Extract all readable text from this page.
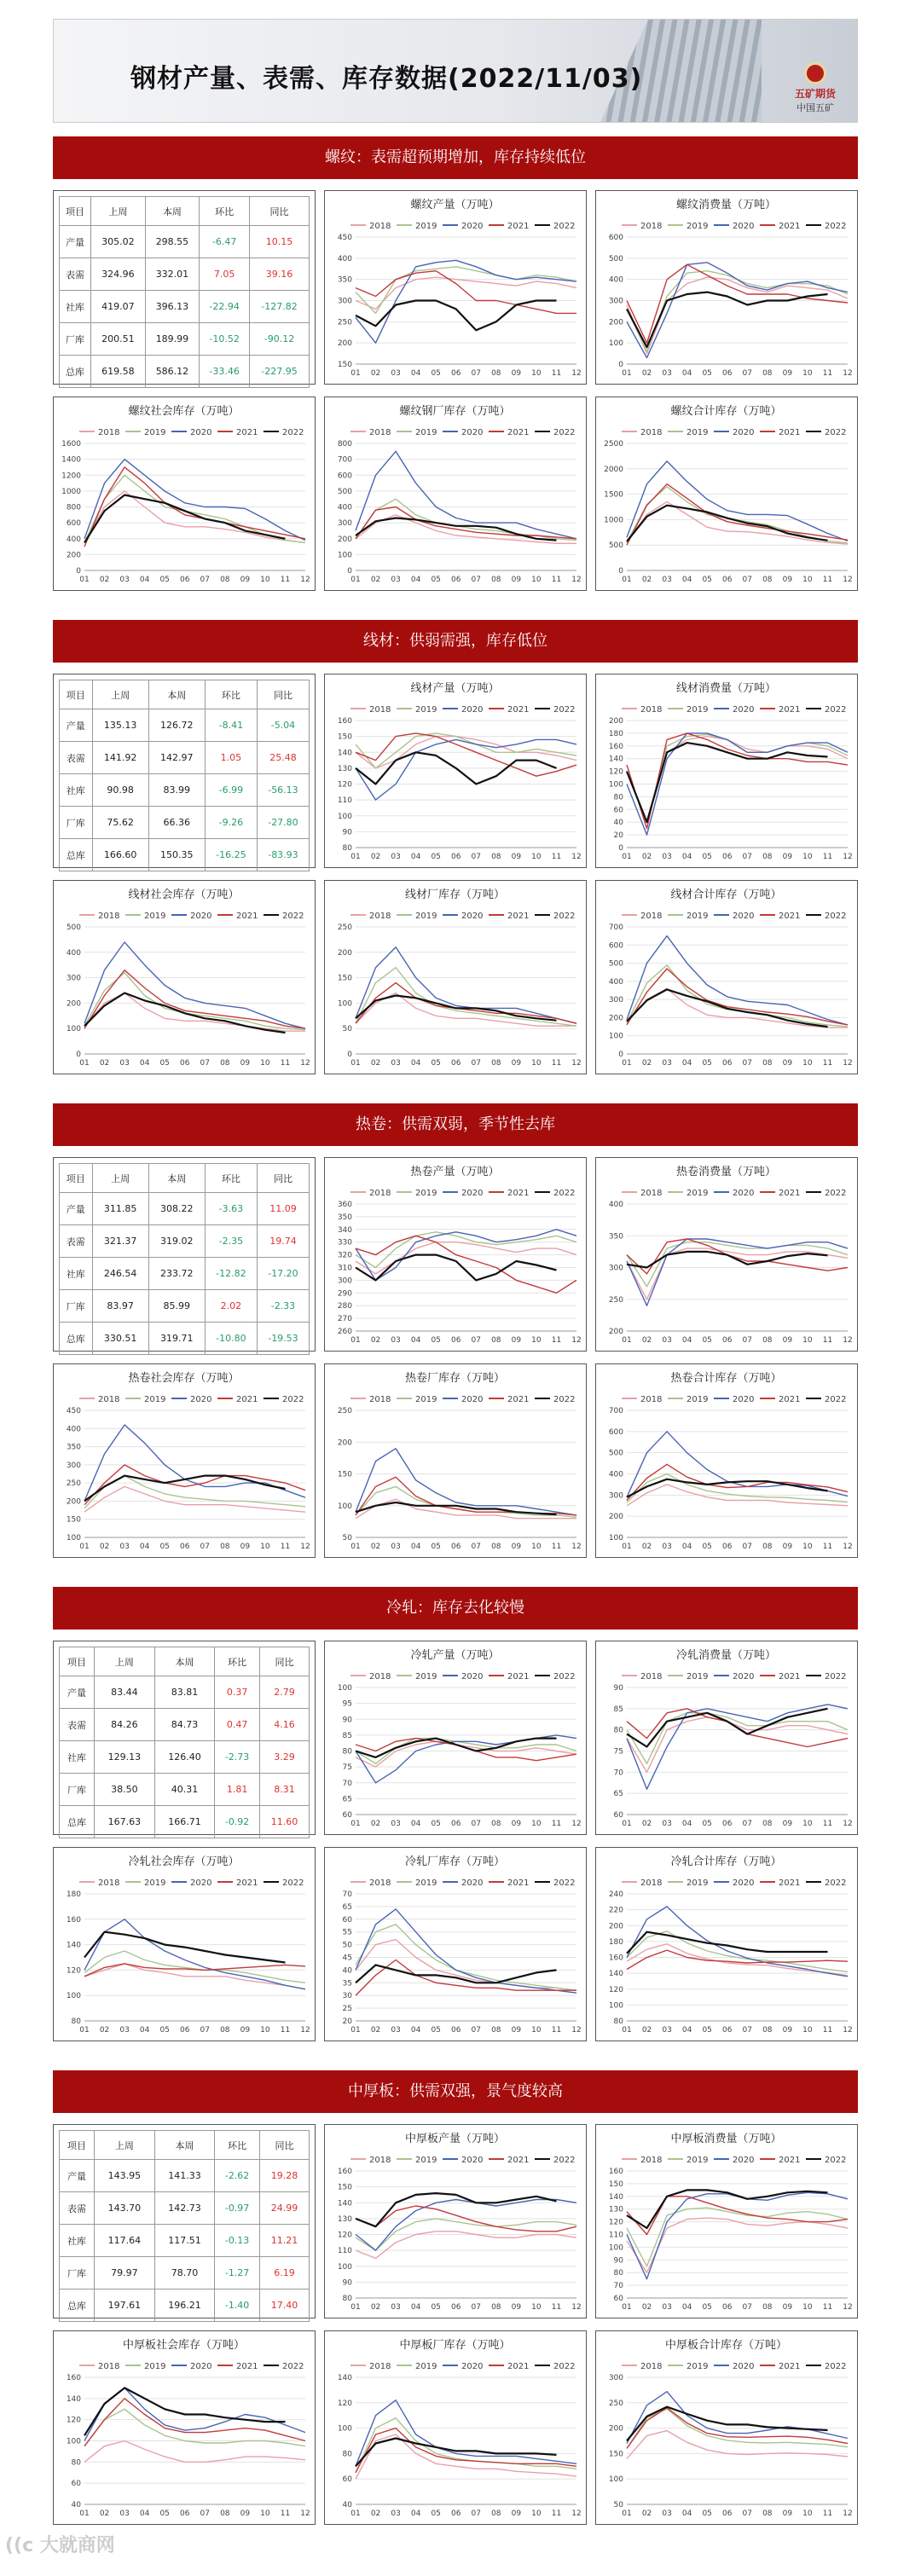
钢材产量、表需、库存数据(2022/11/03)	五矿期货
中国五矿
螺纹：表需超预期增加，库存持续低位
项目	上周	本周	环比	同比
产量	305.02	298.55	-6.47	10.15
表需	324.96	332.01	7.05	39.16
社库	419.07	396.13	-22.94	-127.82
厂库	200.51	189.99	-10.52	-90.12
总库	619.58	586.12	-33.46	-227.95
螺纹产量（万吨）
2018	2019	2020	2021	2022
150
200
250
300
350
400
450
01 02 03 04 05 06 07 08 09 10 11 12
螺纹消费量（万吨）
2018	2019	2020	2021	2022
0
100
200
300
400
500
600
01 02 03 04 05 06 07 08 09 10 11 12
螺纹社会库存（万吨）
2018	2019	2020	2021	2022
0
200
400
600
800
1000
1200
1400
1600
01 02 03 04 05 06 07 08 09 10 11 12
螺纹钢厂库存（万吨）
2018	2019	2020	2021	2022
0
100
200
300
400
500
600
700
800
01 02 03 04 05 06 07 08 09 10 11 12
螺纹合计库存（万吨）
2018	2019	2020	2021	2022
0
500
1000
1500
2000
2500
01 02 03 04 05 06 07 08 09 10 11 12
线材：供弱需强，库存低位
项目	上周	本周	环比	同比
产量	135.13	126.72	-8.41	-5.04
表需	141.92	142.97	1.05	25.48
社库	90.98	83.99	-6.99	-56.13
厂库	75.62	66.36	-9.26	-27.80
总库	166.60	150.35	-16.25	-83.93
线材产量（万吨）
2018	2019	2020	2021	2022
80
90
100
110
120
130
140
150
160
01 02 03 04 05 06 07 08 09 10 11 12
线材消费量（万吨）
2018	2019	2020	2021	2022
0
20
40
60
80
100
120
140
160
180
200
01 02 03 04 05 06 07 08 09 10 11 12
线材社会库存（万吨）
2018	2019	2020	2021	2022
0
100
200
300
400
500
01 02 03 04 05 06 07 08 09 10 11 12
线材厂库存（万吨）
2018	2019	2020	2021	2022
0
50
100
150
200
250
01 02 03 04 05 06 07 08 09 10 11 12
线材合计库存（万吨）
2018	2019	2020	2021	2022
0
100
200
300
400
500
600
700
01 02 03 04 05 06 07 08 09 10 11 12
热卷：供需双弱，季节性去库
项目	上周	本周	环比	同比
产量	311.85	308.22	-3.63	11.09
表需	321.37	319.02	-2.35	19.74
社库	246.54	233.72	-12.82	-17.20
厂库	83.97	85.99	2.02	-2.33
总库	330.51	319.71	-10.80	-19.53
热卷产量（万吨）
2018	2019	2020	2021	2022
260
270
280
290
300
310
320
330
340
350
360
01 02 03 04 05 06 07 08 09 10 11 12
热卷消费量（万吨）
2018	2019	2020	2021	2022
200
250
300
350
400
01 02 03 04 05 06 07 08 09 10 11 12
热卷社会库存（万吨）
2018	2019	2020	2021	2022
100
150
200
250
300
350
400
450
01 02 03 04 05 06 07 08 09 10 11 12
热卷厂库存（万吨）
2018	2019	2020	2021	2022
50
100
150
200
250
01 02 03 04 05 06 07 08 09 10 11 12
热卷合计库存（万吨）
2018	2019	2020	2021	2022
100
200
300
400
500
600
700
01 02 03 04 05 06 07 08 09 10 11 12
冷轧：库存去化较慢
项目	上周	本周	环比	同比
产量	83.44	83.81	0.37	2.79
表需	84.26	84.73	0.47	4.16
社库	129.13	126.40	-2.73	3.29
厂库	38.50	40.31	1.81	8.31
总库	167.63	166.71	-0.92	11.60
冷轧产量（万吨）
2018	2019	2020	2021	2022
60
65
70
75
80
85
90
95
100
01 02 03 04 05 06 07 08 09 10 11 12
冷轧消费量（万吨）
2018	2019	2020	2021	2022
60
65
70
75
80
85
90
01 02 03 04 05 06 07 08 09 10 11 12
冷轧社会库存（万吨）
2018	2019	2020	2021	2022
80
100
120
140
160
180
01 02 03 04 05 06 07 08 09 10 11 12
冷轧厂库存（万吨）
2018	2019	2020	2021	2022
20
25
30
35
40
45
50
55
60
65
70
01 02 03 04 05 06 07 08 09 10 11 12
冷轧合计库存（万吨）
2018	2019	2020	2021	2022
80
100
120
140
160
180
200
220
240
01 02 03 04 05 06 07 08 09 10 11 12
中厚板：供需双强，景气度较高
项目	上周	本周	环比	同比
产量	143.95	141.33	-2.62	19.28
表需	143.70	142.73	-0.97	24.99
社库	117.64	117.51	-0.13	11.21
厂库	79.97	78.70	-1.27	6.19
总库	197.61	196.21	-1.40	17.40
中厚板产量（万吨）
2018	2019	2020	2021	2022
80
90
100
110
120
130
140
150
160
01 02 03 04 05 06 07 08 09 10 11 12
中厚板消费量（万吨）
2018	2019	2020	2021	2022
60
70
80
90
100
110
120
130
140
150
160
01 02 03 04 05 06 07 08 09 10 11 12
中厚板社会库存（万吨）
2018	2019	2020	2021	2022
40
60
80
100
120
140
160
01 02 03 04 05 06 07 08 09 10 11 12
中厚板厂库存（万吨）
2018	2019	2020	2021	2022
40
60
80
100
120
140
01 02 03 04 05 06 07 08 09 10 11 12
中厚板合计库存（万吨）
2018	2019	2020	2021	2022
50
100
150
200
250
300
01 02 03 04 05 06 07 08 09 10 11 12
((c 大就商网
